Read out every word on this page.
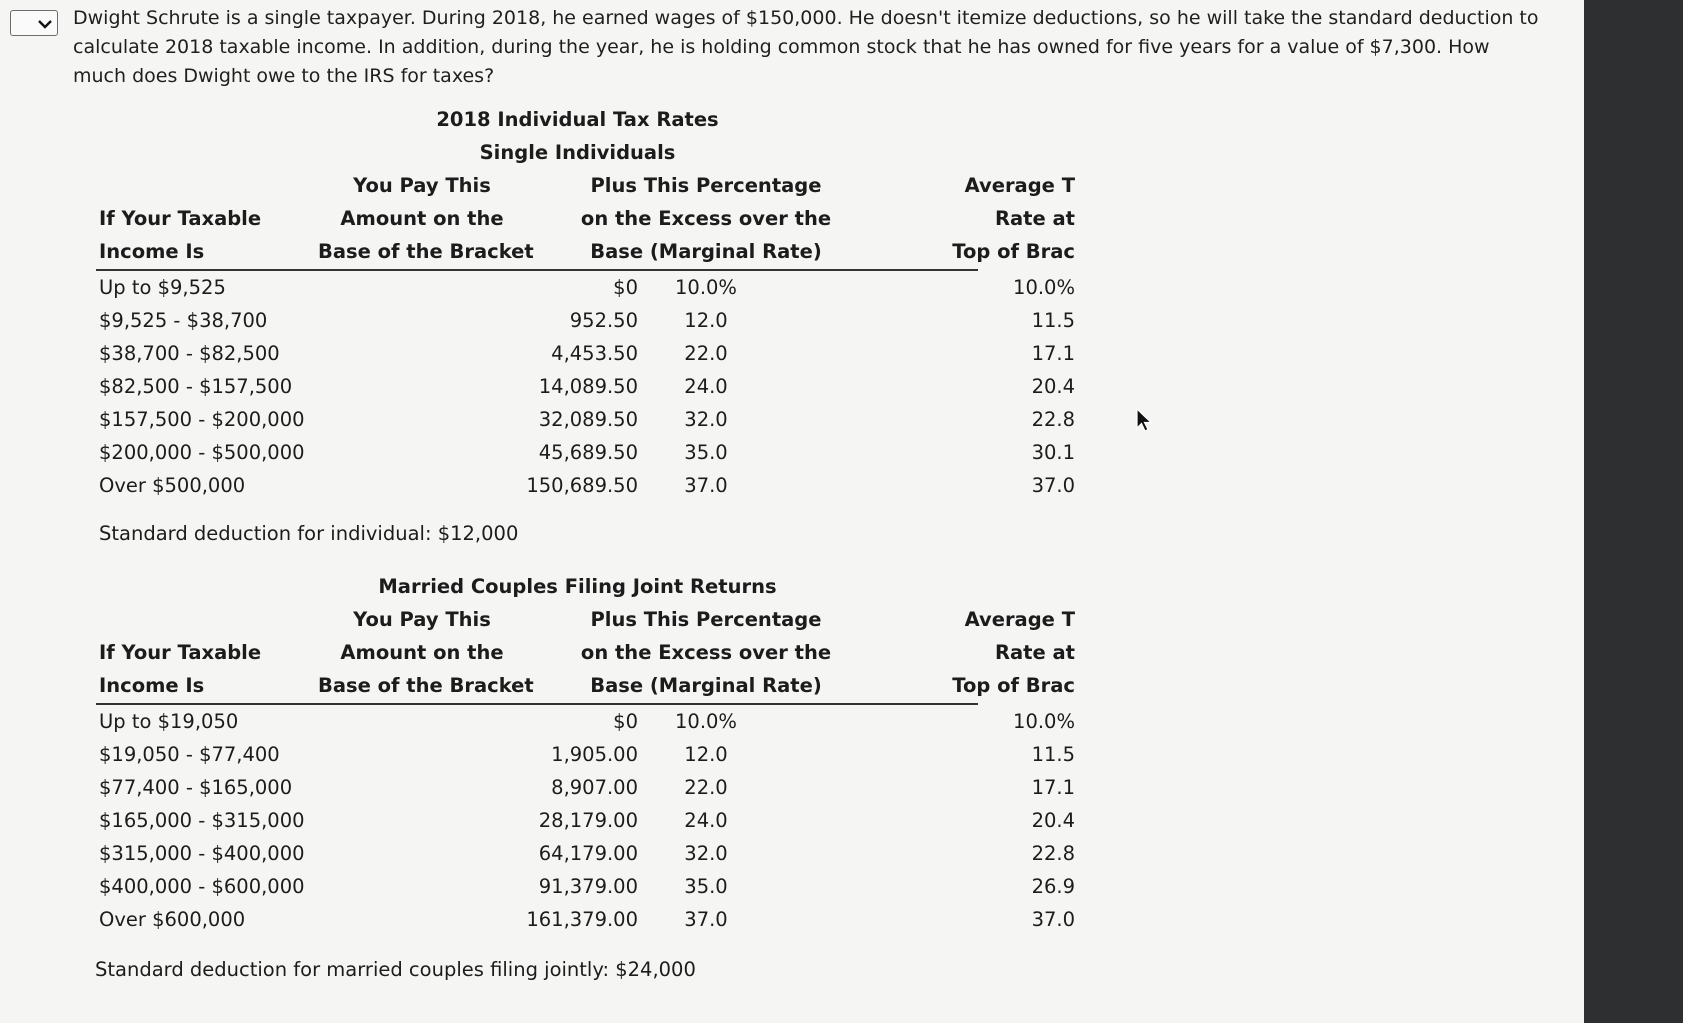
Dwight Schrute is a single taxpayer. During 2018, he earned wages of $150,000. He doesn't itemize deductions, so he will take the standard deduction to
calculate 2018 taxable income. In addition, during the year, he is holding common stock that he has owned for five years for a value of $7,300. How
much does Dwight owe to the IRS for taxes?
2018 Individual Tax Rates
Single Individuals
You Pay This	Plus This Percentage	Average T
If Your Taxable	Amount on the	on the Excess over the	Rate at
Income Is	Base of the Bracket	Base (Marginal Rate)	Top of Brac
Up to $9,525	$0	10.0%	10.0%
$9,525 - $38,700	952.50	12.0	11.5
$38,700 - $82,500	4,453.50	22.0	17.1
$82,500 - $157,500	14,089.50	24.0	20.4
$157,500 - $200,000	32,089.50	32.0	22.8
$200,000 - $500,000	45,689.50	35.0	30.1
Over $500,000	150,689.50	37.0	37.0
Standard deduction for individual: $12,000
Married Couples Filing Joint Returns
You Pay This	Plus This Percentage	Average T
If Your Taxable	Amount on the	on the Excess over the	Rate at
Income Is	Base of the Bracket	Base (Marginal Rate)	Top of Brac
Up to $19,050	$0	10.0%	10.0%
$19,050 - $77,400	1,905.00	12.0	11.5
$77,400 - $165,000	8,907.00	22.0	17.1
$165,000 - $315,000	28,179.00	24.0	20.4
$315,000 - $400,000	64,179.00	32.0	22.8
$400,000 - $600,000	91,379.00	35.0	26.9
Over $600,000	161,379.00	37.0	37.0
Standard deduction for married couples filing jointly: $24,000
